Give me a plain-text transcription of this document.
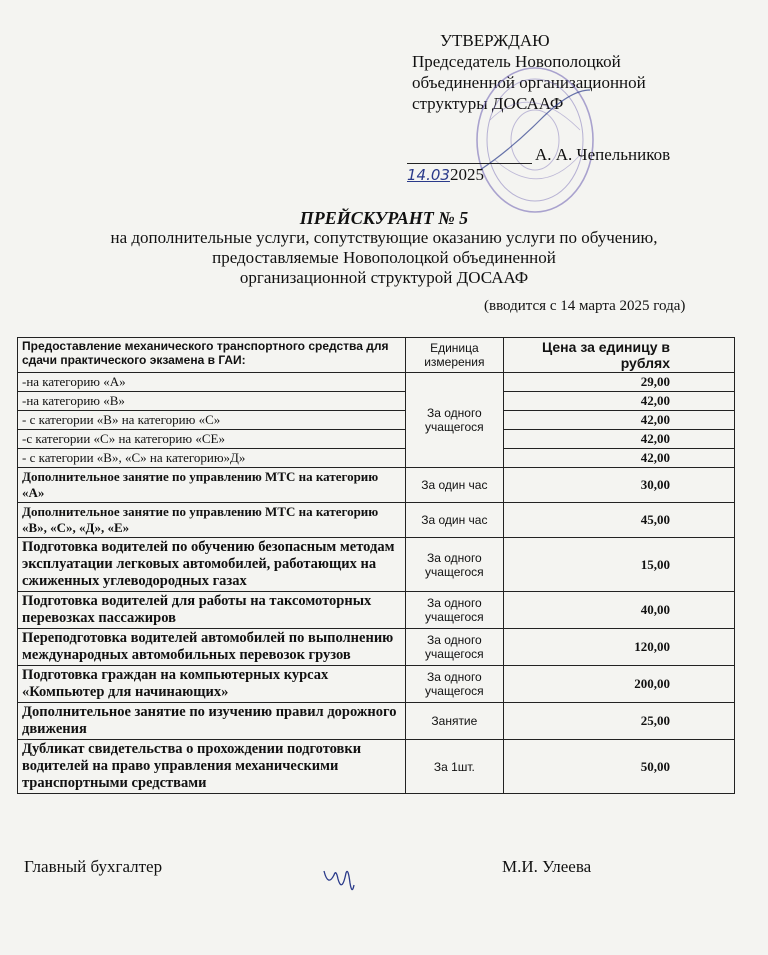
УТВЕРЖДАЮ
Председатель Новополоцкой
объединенной организационной
структуры ДОСААФ
А. А. Чепельников
14.032025
ПРЕЙСКУРАНТ № 5
на дополнительные услуги, сопутствующие оказанию услуги по обучению,
предоставляемые Новополоцкой объединенной
организационной структурой ДОСААФ
(вводится с 14 марта 2025 года)
Предоставление механического транспортного средства для сдачи практического экзамена в ГАИ:	Единица измерения	Цена за единицу в рублях
-на категорию «А»	За одного учащегося	29,00
-на категорию «В»		42,00
- с категории «В» на категорию «С»		42,00
-с категории «С» на категорию «СЕ»		42,00
- с категории «В», «С» на категорию»Д»		42,00
Дополнительное занятие по управлению МТС на категорию «А»	За один час	30,00
Дополнительное занятие по управлению МТС на категорию «В», «С», «Д», «Е»	За один час	45,00
Подготовка водителей по обучению безопасным методам эксплуатации легковых автомобилей, работающих на сжиженных углеводородных газах	За одного учащегося	15,00
Подготовка водителей для работы на таксомоторных перевозках пассажиров	За одного учащегося	40,00
Переподготовка водителей автомобилей по выполнению международных автомобильных перевозок грузов	За одного учащегося	120,00
Подготовка граждан на компьютерных курсах «Компьютер для начинающих»	За одного учащегося	200,00
Дополнительное занятие по изучению правил дорожного движения	Занятие	25,00
Дубликат свидетельства о прохождении подготовки водителей на право управления механическими транспортными средствами	За 1шт.	50,00
Главный бухгалтер	М.И. Улеева
